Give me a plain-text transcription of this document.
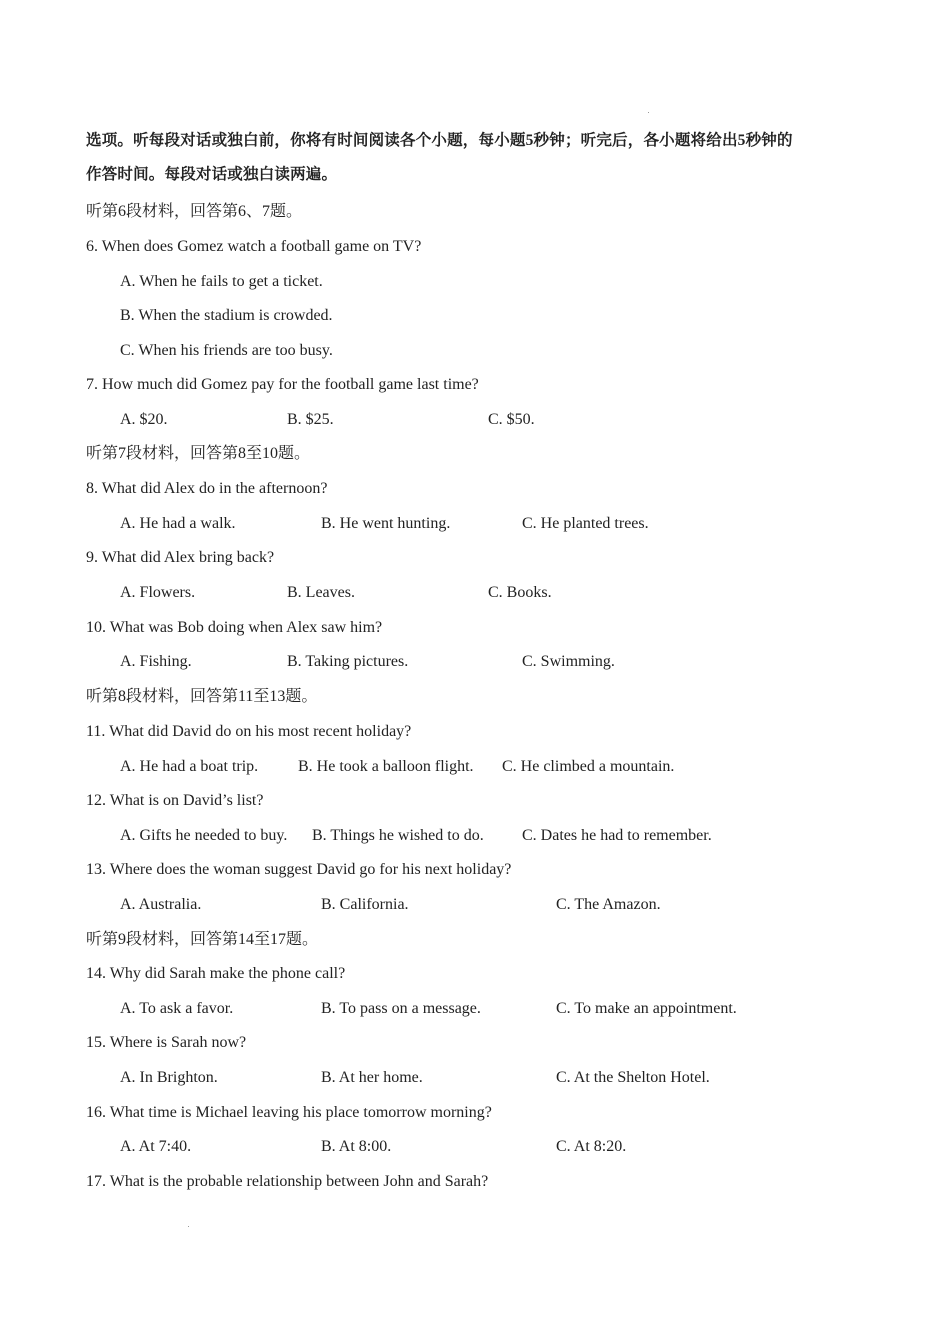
选项。听每段对话或独白前，你将有时间阅读各个小题，每小题5秒钟；听完后，各小题将给出5秒钟的
作答时间。每段对话或独白读两遍。
听第6段材料，回答第6、7题。
6. When does Gomez watch a football game on TV?
A. When he fails to get a ticket.
B. When the stadium is crowded.
C. When his friends are too busy.
7. How much did Gomez pay for the football game last time?
A. $20.	B. $25.	C. $50.
听第7段材料，回答第8至10题。
8. What did Alex do in the afternoon?
A. He had a walk.	B. He went hunting.	C. He planted trees.
9. What did Alex bring back?
A. Flowers.	B. Leaves.	C. Books.
10. What was Bob doing when Alex saw him?
A. Fishing.	B. Taking pictures.	C. Swimming.
听第8段材料，回答第11至13题。
11. What did David do on his most recent holiday?
A. He had a boat trip. B. He took a balloon flight. C. He climbed a mountain.
12. What is on David’s list?
A. Gifts he needed to buy. B. Things he wished to do. C. Dates he had to remember.
13. Where does the woman suggest David go for his next holiday?
A. Australia.	B. California.	C. The Amazon.
听第9段材料，回答第14至17题。
14. Why did Sarah make the phone call?
A. To ask a favor.	B. To pass on a message.	C. To make an appointment.
15. Where is Sarah now?
A. In Brighton.	B. At her home.	C. At the Shelton Hotel.
16. What time is Michael leaving his place tomorrow morning?
A. At 7:40.	B. At 8:00.	C. At 8:20.
17. What is the probable relationship between John and Sarah?
